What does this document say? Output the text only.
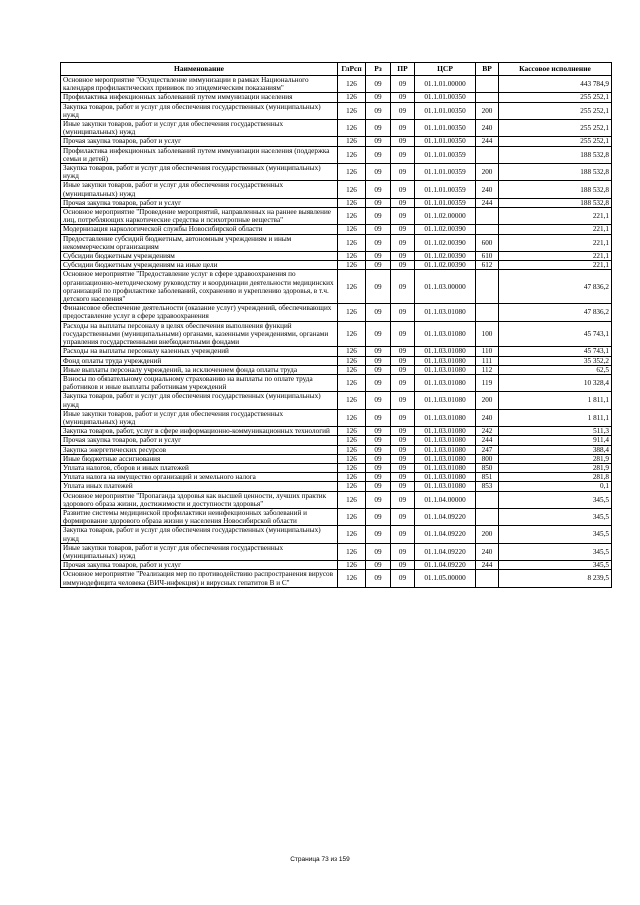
Наименование	ГлРсп	Рз	ПР	ЦСР	ВР	Кассовое исполнение
Основное мероприятие "Осуществление иммунизации в рамках Национального календаря профилактических прививок по эпидемическим показаниям"	126	09	09	01.1.01.00000		443 784,9
Профилактика инфекционных заболеваний путем иммунизации населения	126	09	09	01.1.01.00350		255 252,1
Закупка товаров, работ и услуг для обеспечения государственных (муниципальных) нужд	126	09	09	01.1.01.00350	200	255 252,1
Иные закупки товаров, работ и услуг для обеспечения государственных (муниципальных) нужд	126	09	09	01.1.01.00350	240	255 252,1
Прочая закупка товаров, работ и услуг	126	09	09	01.1.01.00350	244	255 252,1
Профилактика инфекционных заболеваний путем иммунизации населения (поддержка семьи и детей)	126	09	09	01.1.01.00359		188 532,8
Закупка товаров, работ и услуг для обеспечения государственных (муниципальных) нужд	126	09	09	01.1.01.00359	200	188 532,8
Иные закупки товаров, работ и услуг для обеспечения государственных (муниципальных) нужд	126	09	09	01.1.01.00359	240	188 532,8
Прочая закупка товаров, работ и услуг	126	09	09	01.1.01.00359	244	188 532,8
Основное мероприятие "Проведение мероприятий, направленных на раннее выявление лиц, потребляющих наркотические средства и психотропные вещества"	126	09	09	01.1.02.00000		221,1
Модернизация наркологической службы Новосибирской области	126	09	09	01.1.02.00390		221,1
Предоставление субсидий бюджетным, автономным учреждениям и иным некоммерческим организациям	126	09	09	01.1.02.00390	600	221,1
Субсидии бюджетным учреждениям	126	09	09	01.1.02.00390	610	221,1
Субсидии бюджетным учреждениям на иные цели	126	09	09	01.1.02.00390	612	221,1
Основное мероприятие "Предоставление услуг в сфере здравоохранения по организационно-методическому руководству и координации деятельности медицинских организаций по профилактике заболеваний, сохранению и укреплению здоровья, в т.ч. детского населения"	126	09	09	01.1.03.00000		47 836,2
Финансовое обеспечение деятельности (оказание услуг) учреждений, обеспечивающих предоставление услуг в сфере здравоохранения	126	09	09	01.1.03.01080		47 836,2
Расходы на выплаты персоналу в целях обеспечения выполнения функций государственными (муниципальными) органами, казенными учреждениями, органами управления государственными внебюджетными фондами	126	09	09	01.1.03.01080	100	45 743,1
Расходы на выплаты персоналу казенных учреждений	126	09	09	01.1.03.01080	110	45 743,1
Фонд оплаты труда учреждений	126	09	09	01.1.03.01080	111	35 352,2
Иные выплаты персоналу учреждений, за исключением фонда оплаты труда	126	09	09	01.1.03.01080	112	62,5
Взносы по обязательному социальному страхованию на выплаты по оплате труда работников и иные выплаты работникам учреждений	126	09	09	01.1.03.01080	119	10 328,4
Закупка товаров, работ и услуг для обеспечения государственных (муниципальных) нужд	126	09	09	01.1.03.01080	200	1 811,1
Иные закупки товаров, работ и услуг для обеспечения государственных (муниципальных) нужд	126	09	09	01.1.03.01080	240	1 811,1
Закупка товаров, работ, услуг в сфере информационно-коммуникационных технологий	126	09	09	01.1.03.01080	242	511,3
Прочая закупка товаров, работ и услуг	126	09	09	01.1.03.01080	244	911,4
Закупка энергетических ресурсов	126	09	09	01.1.03.01080	247	388,4
Иные бюджетные ассигнования	126	09	09	01.1.03.01080	800	281,9
Уплата налогов, сборов и иных платежей	126	09	09	01.1.03.01080	850	281,9
Уплата налога на имущество организаций и земельного налога	126	09	09	01.1.03.01080	851	281,8
Уплата иных платежей	126	09	09	01.1.03.01080	853	0,1
Основное мероприятие "Пропаганда здоровья как высшей ценности, лучших практик здорового образа жизни, достижимости и доступности здоровья"	126	09	09	01.1.04.00000		345,5
Развитие системы медицинской профилактики неинфекционных заболеваний и формирование здорового образа жизни у населения Новосибирской области	126	09	09	01.1.04.09220		345,5
Закупка товаров, работ и услуг для обеспечения государственных (муниципальных) нужд	126	09	09	01.1.04.09220	200	345,5
Иные закупки товаров, работ и услуг для обеспечения государственных (муниципальных) нужд	126	09	09	01.1.04.09220	240	345,5
Прочая закупка товаров, работ и услуг	126	09	09	01.1.04.09220	244	345,5
Основное мероприятие "Реализация мер по противодействию распространения вирусов иммунодефицита человека (ВИЧ-инфекция) и вирусных гепатитов В и С"	126	09	09	01.1.05.00000		8 239,5
Страница 73 из 159
